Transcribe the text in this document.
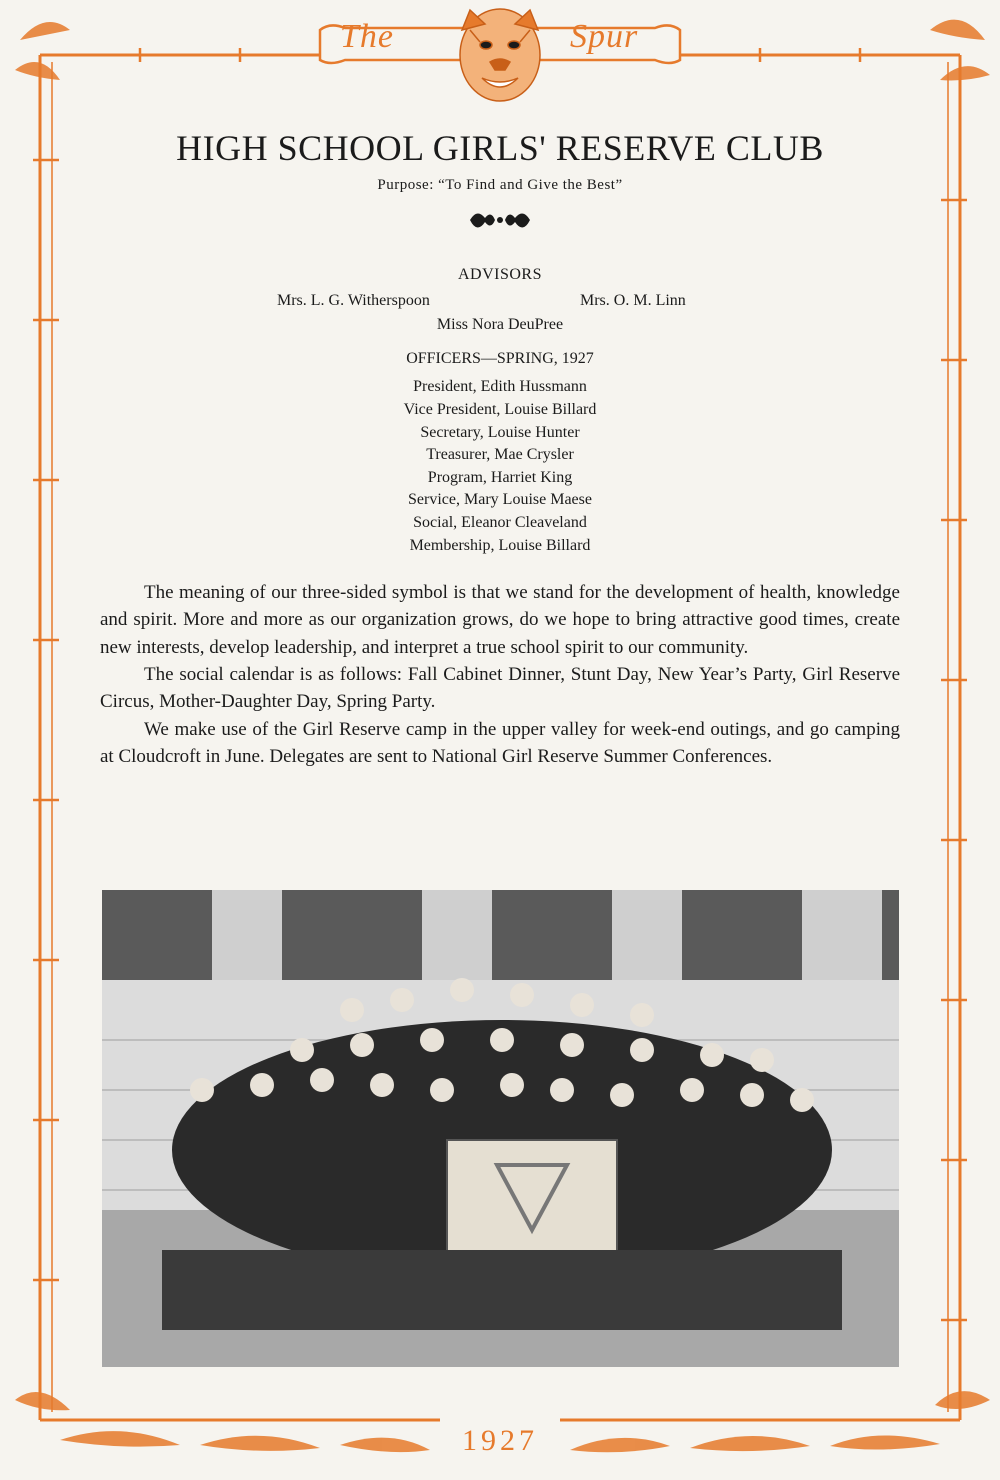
The	Spur
HIGH SCHOOL GIRLS' RESERVE CLUB
Purpose: “To Find and Give the Best”
ADVISORS
Mrs. L. G. Witherspoon	Mrs. O. M. Linn
Miss Nora DeuPree
OFFICERS—SPRING, 1927
President, Edith Hussmann
Vice President, Louise Billard
Secretary, Louise Hunter
Treasurer, Mae Crysler
Program, Harriet King
Service, Mary Louise Maese
Social, Eleanor Cleaveland
Membership, Louise Billard

The meaning of our three-sided symbol is that we stand for the development of health, knowledge and spirit. More and more as our organization grows, do we hope to bring attractive good times, create new interests, develop leadership, and interpret a true school spirit to our community.

The social calendar is as follows: Fall Cabinet Dinner, Stunt Day, New Year’s Party, Girl Reserve Circus, Mother-Daughter Day, Spring Party.

We make use of the Girl Reserve camp in the upper valley for week-end outings, and go camping at Cloudcroft in June. Delegates are sent to National Girl Reserve Summer Conferences.

1927
